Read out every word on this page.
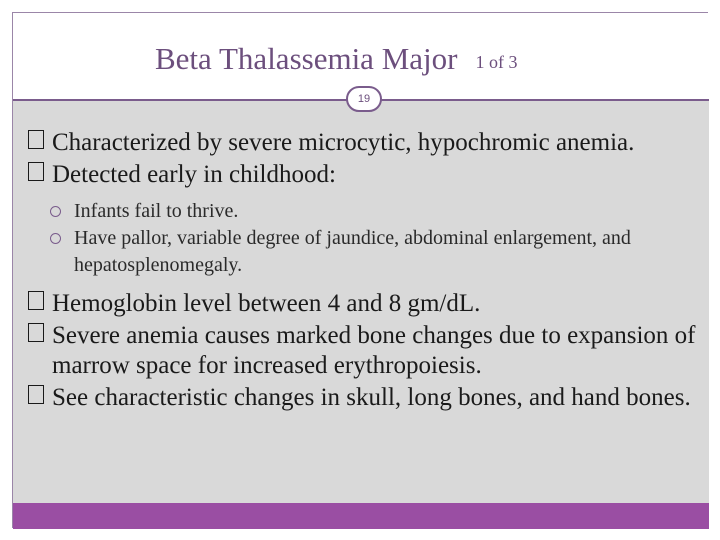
Beta Thalassemia Major 1 of 3
19
Characterized by severe microcytic, hypochromic anemia.
Detected early in childhood:
Infants fail to thrive.
Have pallor, variable degree of jaundice, abdominal enlargement, and hepatosplenomegaly.
Hemoglobin level between 4 and 8 gm/dL.
Severe anemia causes marked bone changes due to expansion of marrow space for increased erythropoiesis.
See characteristic changes in skull, long bones, and hand bones.
